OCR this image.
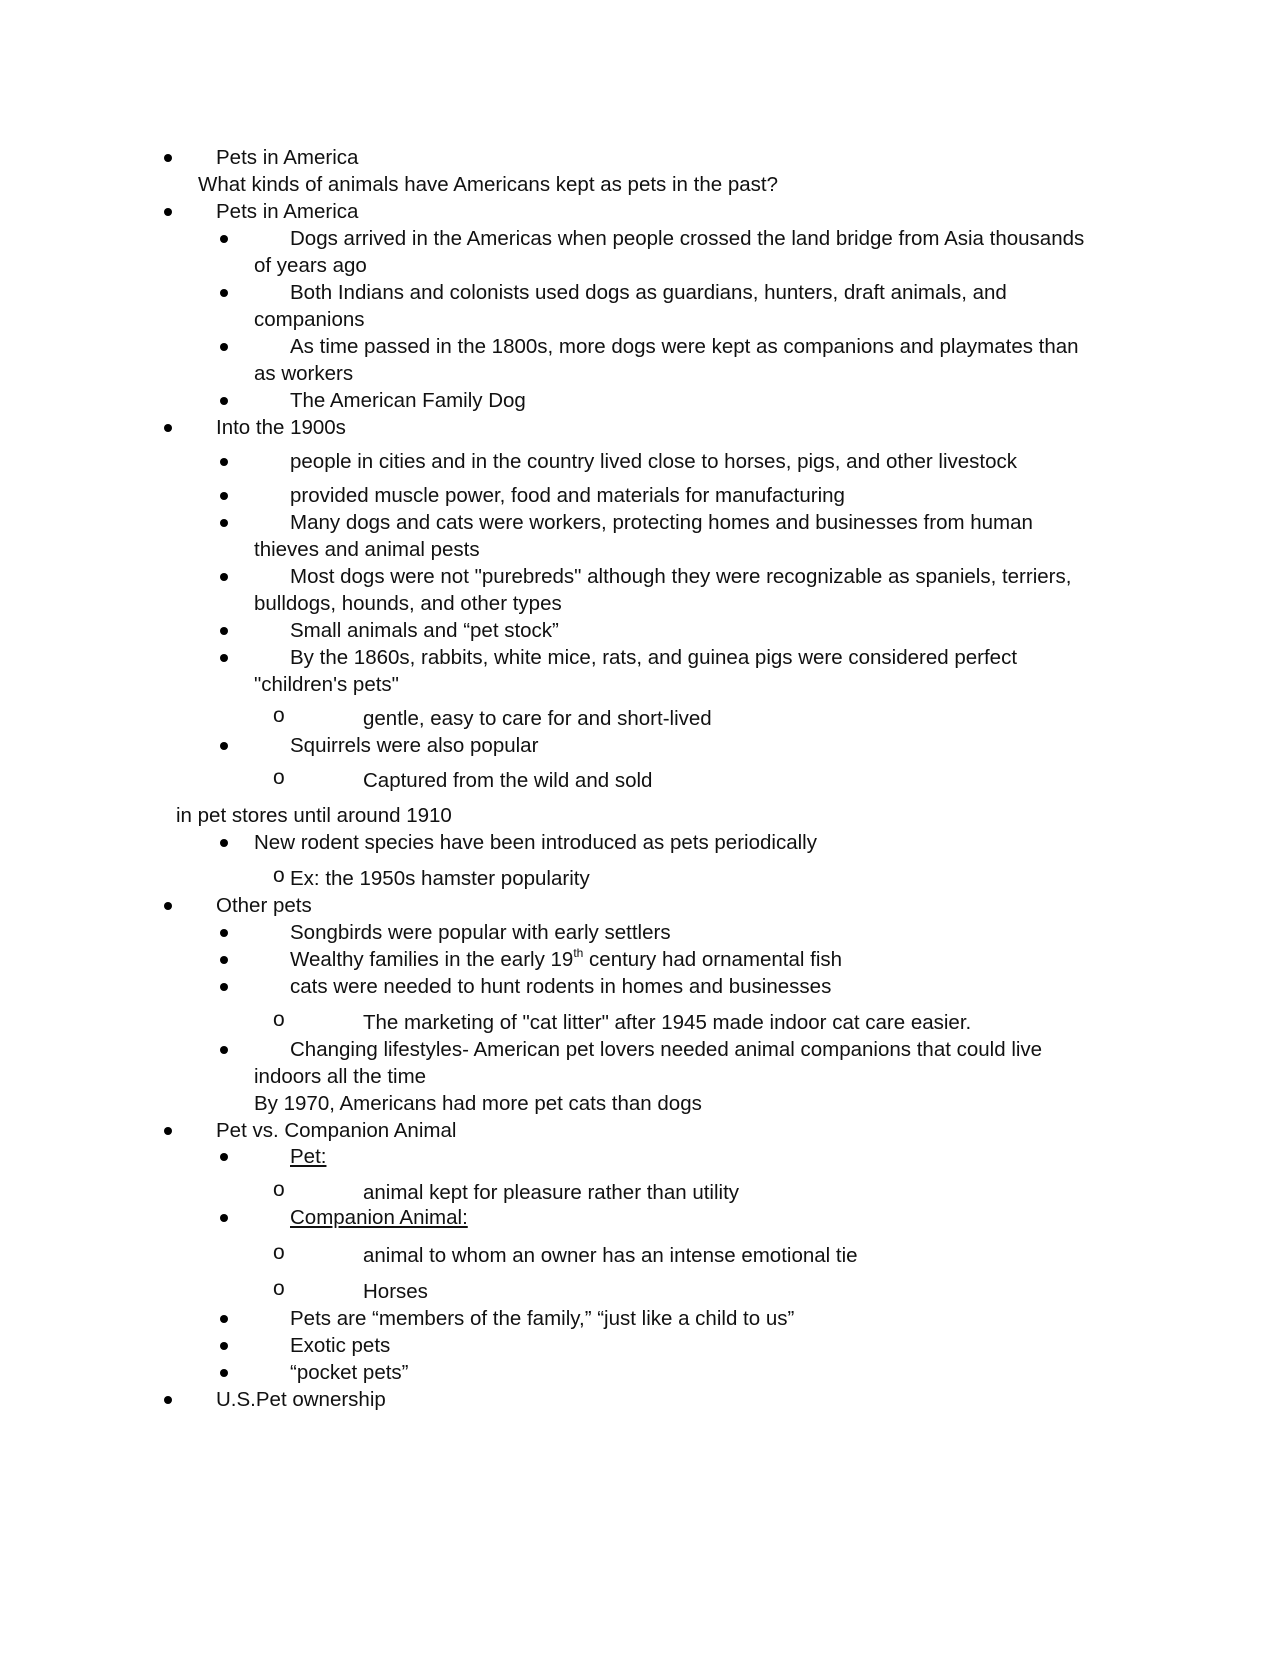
Pets in America
What kinds of animals have Americans kept as pets in the past?
Pets in America
Dogs arrived in the Americas when people crossed the land bridge from Asia thousands
of years ago
Both Indians and colonists used dogs as guardians, hunters, draft animals, and
companions
As time passed in the 1800s, more dogs were kept as companions and playmates than
as workers
The American Family Dog
Into the 1900s
people in cities and in the country lived close to horses, pigs, and other livestock
provided muscle power, food and materials for manufacturing
Many dogs and cats were workers, protecting homes and businesses from human
thieves and animal pests
Most dogs were not "purebreds" although they were recognizable as spaniels, terriers,
bulldogs, hounds, and other types
Small animals and “pet stock”
By the 1860s, rabbits, white mice, rats, and guinea pigs were considered perfect
"children's pets"
o	gentle, easy to care for and short-lived
Squirrels were also popular
o	Captured from the wild and sold
in pet stores until around 1910
New rodent species have been introduced as pets periodically
o Ex: the 1950s hamster popularity
Other pets
Songbirds were popular with early settlers
Wealthy families in the early 19th century had ornamental fish
cats were needed to hunt rodents in homes and businesses
o	The marketing of "cat litter" after 1945 made indoor cat care easier.
Changing lifestyles- American pet lovers needed animal companions that could live
indoors all the time
By 1970, Americans had more pet cats than dogs
Pet vs. Companion Animal
Pet:
o	animal kept for pleasure rather than utility
Companion Animal:
o	animal to whom an owner has an intense emotional tie
o	Horses
Pets are “members of the family,” “just like a child to us”
Exotic pets
“pocket pets”
U.S.Pet ownership
